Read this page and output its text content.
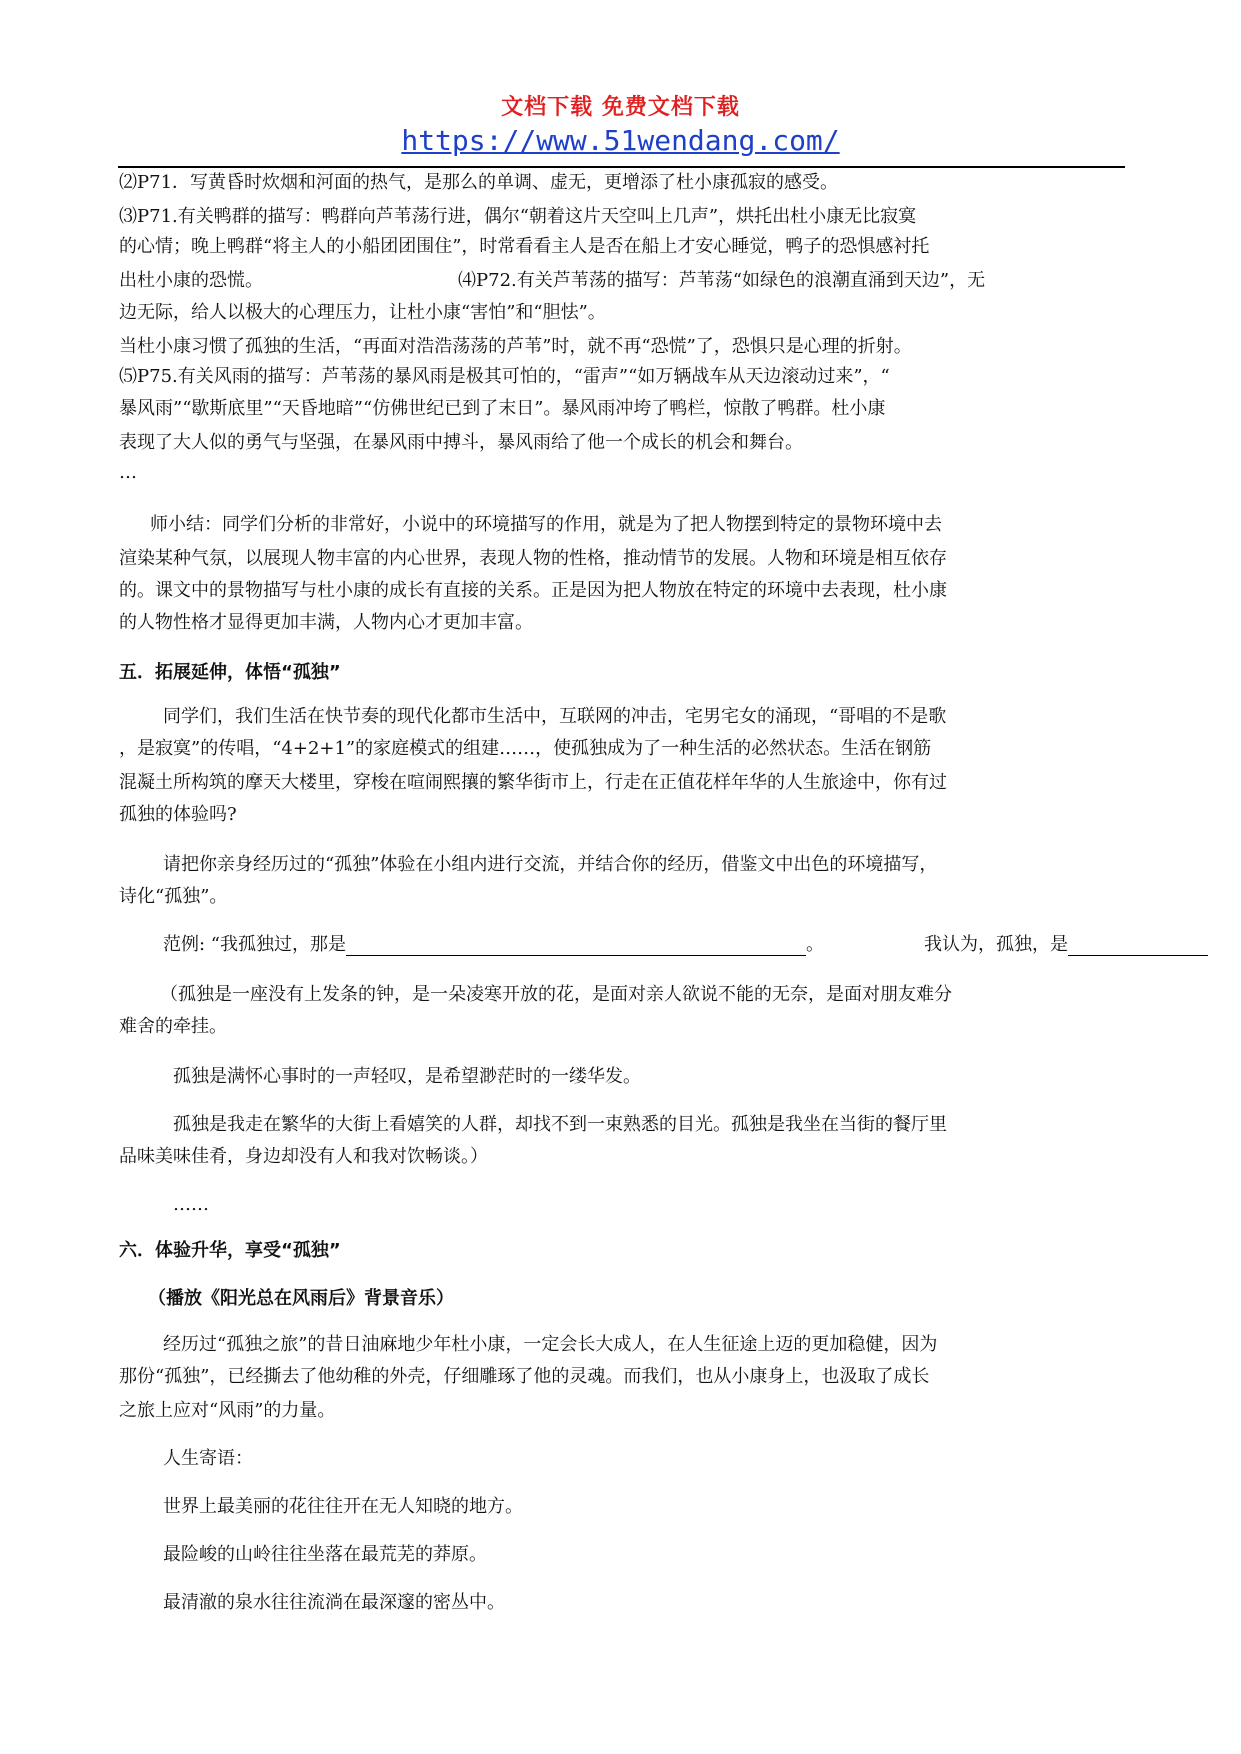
文档下载 免费文档下载
https://www.51wendang.com/
⑵P71．写黄昏时炊烟和河面的热气，是那么的单调、虚无，更增添了杜小康孤寂的感受。
⑶P71.有关鸭群的描写：鸭群向芦苇荡行进，偶尔“朝着这片天空叫上几声”，烘托出杜小康无比寂寞
的心情；晚上鸭群“将主人的小船团团围住”，时常看看主人是否在船上才安心睡觉，鸭子的恐惧感衬托
出杜小康的恐慌。	⑷P72.有关芦苇荡的描写：芦苇荡“如绿色的浪潮直涌到天边”，无
边无际，给人以极大的心理压力，让杜小康“害怕”和“胆怯”。
当杜小康习惯了孤独的生活，“再面对浩浩荡荡的芦苇”时，就不再“恐慌”了，恐惧只是心理的折射。
⑸P75.有关风雨的描写：芦苇荡的暴风雨是极其可怕的，“雷声”“如万辆战车从天边滚动过来”，“
暴风雨”“歇斯底里”“天昏地暗”“仿佛世纪已到了末日”。暴风雨冲垮了鸭栏，惊散了鸭群。杜小康
表现了大人似的勇气与坚强，在暴风雨中搏斗，暴风雨给了他一个成长的机会和舞台。
…
师小结：同学们分析的非常好，小说中的环境描写的作用，就是为了把人物摆到特定的景物环境中去
渲染某种气氛，以展现人物丰富的内心世界，表现人物的性格，推动情节的发展。人物和环境是相互依存
的。课文中的景物描写与杜小康的成长有直接的关系。正是因为把人物放在特定的环境中去表现，杜小康
的人物性格才显得更加丰满，人物内心才更加丰富。
五．拓展延伸，体悟“孤独”
同学们，我们生活在快节奏的现代化都市生活中，互联网的冲击，宅男宅女的涌现，“哥唱的不是歌
，是寂寞”的传唱，“4+2+1”的家庭模式的组建……，使孤独成为了一种生活的必然状态。生活在钢筋
混凝土所构筑的摩天大楼里，穿梭在喧闹熙攘的繁华街市上，行走在正值花样年华的人生旅途中，你有过
孤独的体验吗?
请把你亲身经历过的“孤独”体验在小组内进行交流，并结合你的经历，借鉴文中出色的环境描写，
诗化“孤独”。
范例: “我孤独过，那是	。	我认为，孤独，是
（孤独是一座没有上发条的钟，是一朵凌寒开放的花，是面对亲人欲说不能的无奈，是面对朋友难分
难舍的牵挂。
孤独是满怀心事时的一声轻叹，是希望渺茫时的一缕华发。
孤独是我走在繁华的大街上看嬉笑的人群，却找不到一束熟悉的目光。孤独是我坐在当街的餐厅里
品味美味佳肴，身边却没有人和我对饮畅谈。）
……
六．体验升华，享受“孤独”
（播放《阳光总在风雨后》背景音乐）
经历过“孤独之旅”的昔日油麻地少年杜小康，一定会长大成人，在人生征途上迈的更加稳健，因为
那份“孤独”，已经撕去了他幼稚的外壳，仔细雕琢了他的灵魂。而我们，也从小康身上，也汲取了成长
之旅上应对“风雨”的力量。
人生寄语：
世界上最美丽的花往往开在无人知晓的地方。
最险峻的山岭往往坐落在最荒芜的莽原。
最清澈的泉水往往流淌在最深邃的密丛中。
